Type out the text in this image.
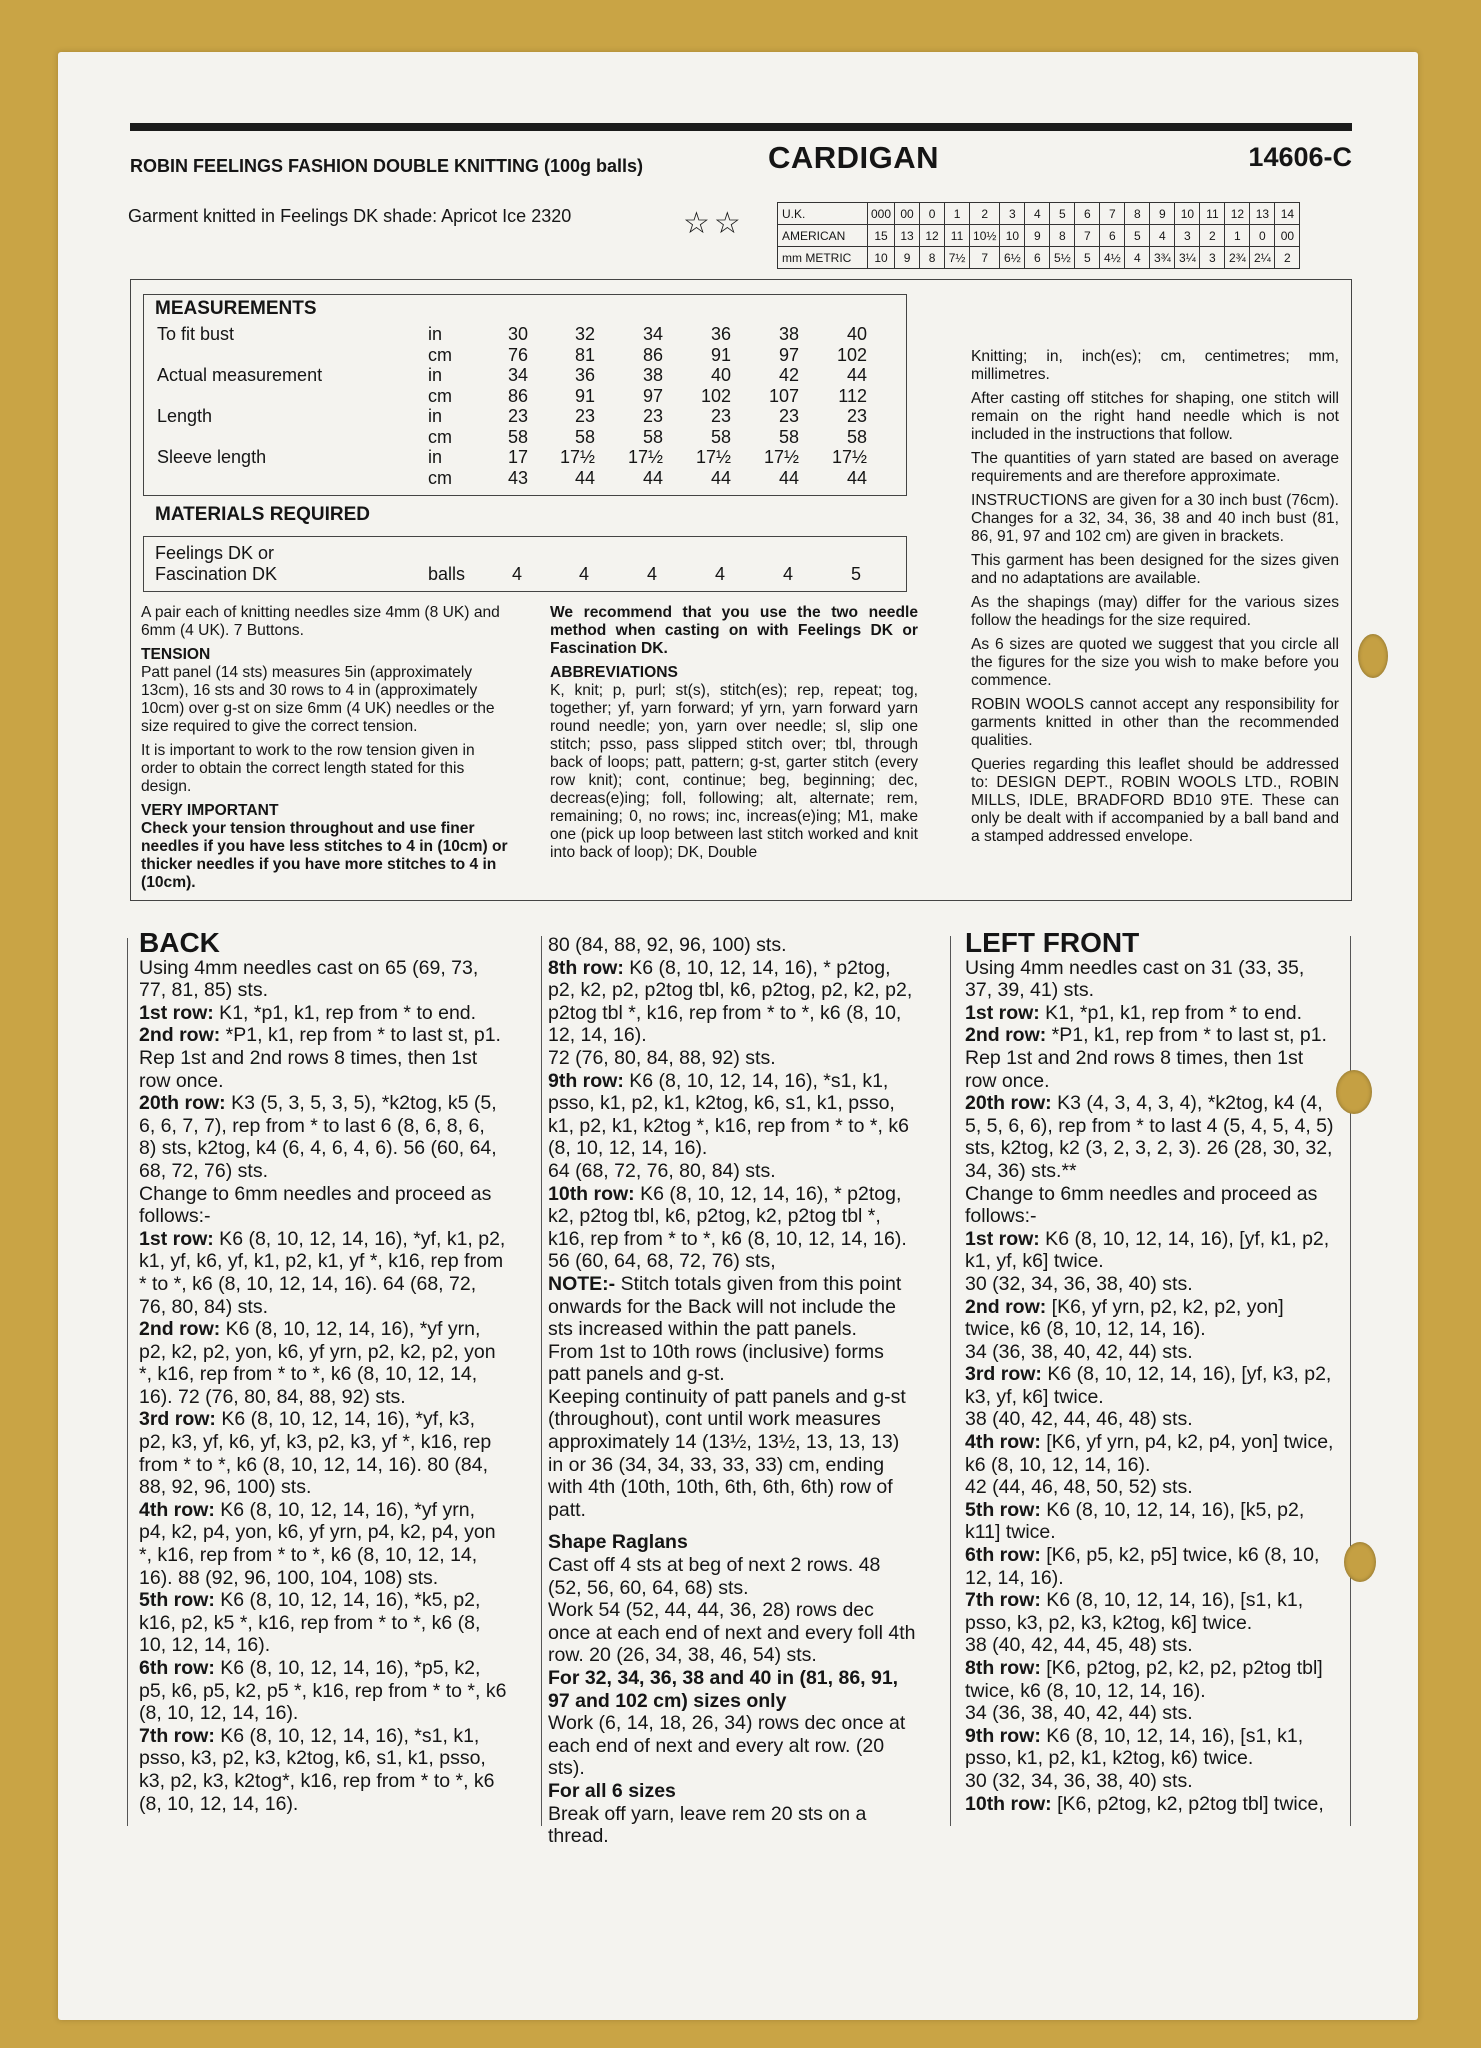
ROBIN FEELINGS FASHION DOUBLE KNITTING (100g balls)	CARDIGAN	14606-C
Garment knitted in Feelings DK shade: Apricot Ice 2320	☆☆	U.K.	000	00	0	1	2	3	4	5	6	7	8	9	10	11	12	13	14
AMERICAN	15	13	12	11	10½	10	9	8	7	6	5	4	3	2	1	0	00
mm METRIC	10	9	8	7½	7	6½	6	5½	5	4½	4	3¾	3¼	3	2¾	2¼	2
MEASUREMENTS
To fit bust	in	30	32	34	36	38	40
cm	76	81	86	91	97	102
Actual measurement	in	34	36	38	40	42	44
cm	86	91	97	102	107	112
Length	in	23	23	23	23	23	23
cm	58	58	58	58	58	58
Sleeve length	in	17	17½	17½	17½	17½	17½
cm	43	44	44	44	44	44
MATERIALS REQUIRED
Feelings DK or
Fascination DK	balls	4	4	4	4	4	5

A pair each of knitting needles size 4mm (8 UK) and 6mm (4 UK). 7 Buttons.

TENSION

Patt panel (14 sts) measures 5in (approximately 13cm), 16 sts and 30 rows to 4 in (approximately 10cm) over g-st on size 6mm (4 UK) needles or the size required to give the correct tension.

It is important to work to the row tension given in order to obtain the correct length stated for this design.

VERY IMPORTANT

Check your tension throughout and use finer needles if you have less stitches to 4 in (10cm) or thicker needles if you have more stitches to 4 in (10cm).

We recommend that you use the two needle method when casting on with Feelings DK or Fascination DK.

ABBREVIATIONS

K, knit; p, purl; st(s), stitch(es); rep, repeat; tog, together; yf, yarn forward; yf yrn, yarn forward yarn round needle; yon, yarn over needle; sl, slip one stitch; psso, pass slipped stitch over; tbl, through back of loops; patt, pattern; g-st, garter stitch (every row knit); cont, continue; beg, beginning; dec, decreas(e)ing; foll, following; alt, alternate; rem, remaining; 0, no rows; inc, increas(e)ing; M1, make one (pick up loop between last stitch worked and knit into back of loop); DK, Double

Knitting; in, inch(es); cm, centimetres; mm, millimetres.

After casting off stitches for shaping, one stitch will remain on the right hand needle which is not included in the instructions that follow.

The quantities of yarn stated are based on average requirements and are therefore approximate.

INSTRUCTIONS are given for a 30 inch bust (76cm). Changes for a 32, 34, 36, 38 and 40 inch bust (81, 86, 91, 97 and 102 cm) are given in brackets.

This garment has been designed for the sizes given and no adaptations are available.

As the shapings (may) differ for the various sizes follow the headings for the size required.

As 6 sizes are quoted we suggest that you circle all the figures for the size you wish to make before you commence.

ROBIN WOOLS cannot accept any responsibility for garments knitted in other than the recommended qualities.

Queries regarding this leaflet should be addressed to: DESIGN DEPT., ROBIN WOOLS LTD., ROBIN MILLS, IDLE, BRADFORD BD10 9TE. These can only be dealt with if accompanied by a ball band and a stamped addressed envelope.

BACK

Using 4mm needles cast on 65 (69, 73, 77, 81, 85) sts.

1st row: K1, *p1, k1, rep from * to end.

2nd row: *P1, k1, rep from * to last st, p1.

Rep 1st and 2nd rows 8 times, then 1st row once.

20th row: K3 (5, 3, 5, 3, 5), *k2tog, k5 (5, 6, 6, 7, 7), rep from * to last 6 (8, 6, 8, 6, 8) sts, k2tog, k4 (6, 4, 6, 4, 6). 56 (60, 64, 68, 72, 76) sts.

Change to 6mm needles and proceed as follows:-

1st row: K6 (8, 10, 12, 14, 16), *yf, k1, p2, k1, yf, k6, yf, k1, p2, k1, yf *, k16, rep from * to *, k6 (8, 10, 12, 14, 16). 64 (68, 72, 76, 80, 84) sts.

2nd row: K6 (8, 10, 12, 14, 16), *yf yrn, p2, k2, p2, yon, k6, yf yrn, p2, k2, p2, yon *, k16, rep from * to *, k6 (8, 10, 12, 14, 16). 72 (76, 80, 84, 88, 92) sts.

3rd row: K6 (8, 10, 12, 14, 16), *yf, k3, p2, k3, yf, k6, yf, k3, p2, k3, yf *, k16, rep from * to *, k6 (8, 10, 12, 14, 16). 80 (84, 88, 92, 96, 100) sts.

4th row: K6 (8, 10, 12, 14, 16), *yf yrn, p4, k2, p4, yon, k6, yf yrn, p4, k2, p4, yon *, k16, rep from * to *, k6 (8, 10, 12, 14, 16). 88 (92, 96, 100, 104, 108) sts.

5th row: K6 (8, 10, 12, 14, 16), *k5, p2, k16, p2, k5 *, k16, rep from * to *, k6 (8, 10, 12, 14, 16).

6th row: K6 (8, 10, 12, 14, 16), *p5, k2, p5, k6, p5, k2, p5 *, k16, rep from * to *, k6 (8, 10, 12, 14, 16).

7th row: K6 (8, 10, 12, 14, 16), *s1, k1, psso, k3, p2, k3, k2tog, k6, s1, k1, psso, k3, p2, k3, k2tog*, k16, rep from * to *, k6 (8, 10, 12, 14, 16).

80 (84, 88, 92, 96, 100) sts.

8th row: K6 (8, 10, 12, 14, 16), * p2tog, p2, k2, p2, p2tog tbl, k6, p2tog, p2, k2, p2, p2tog tbl *, k16, rep from * to *, k6 (8, 10, 12, 14, 16).

72 (76, 80, 84, 88, 92) sts.

9th row: K6 (8, 10, 12, 14, 16), *s1, k1, psso, k1, p2, k1, k2tog, k6, s1, k1, psso, k1, p2, k1, k2tog *, k16, rep from * to *, k6 (8, 10, 12, 14, 16).

64 (68, 72, 76, 80, 84) sts.

10th row: K6 (8, 10, 12, 14, 16), * p2tog, k2, p2tog tbl, k6, p2tog, k2, p2tog tbl *, k16, rep from * to *, k6 (8, 10, 12, 14, 16). 56 (60, 64, 68, 72, 76) sts,

NOTE:- Stitch totals given from this point onwards for the Back will not include the sts increased within the patt panels.

From 1st to 10th rows (inclusive) forms patt panels and g-st.

Keeping continuity of patt panels and g-st (throughout), cont until work measures approximately 14 (13½, 13½, 13, 13, 13) in or 36 (34, 34, 33, 33, 33) cm, ending with 4th (10th, 10th, 6th, 6th, 6th) row of patt.

Shape Raglans

Cast off 4 sts at beg of next 2 rows. 48 (52, 56, 60, 64, 68) sts.

Work 54 (52, 44, 44, 36, 28) rows dec once at each end of next and every foll 4th row. 20 (26, 34, 38, 46, 54) sts.

For 32, 34, 36, 38 and 40 in (81, 86, 91, 97 and 102 cm) sizes only

Work (6, 14, 18, 26, 34) rows dec once at each end of next and every alt row. (20 sts).

For all 6 sizes

Break off yarn, leave rem 20 sts on a thread.

LEFT FRONT

Using 4mm needles cast on 31 (33, 35, 37, 39, 41) sts.

1st row: K1, *p1, k1, rep from * to end.

2nd row: *P1, k1, rep from * to last st, p1.

Rep 1st and 2nd rows 8 times, then 1st row once.

20th row: K3 (4, 3, 4, 3, 4), *k2tog, k4 (4, 5, 5, 6, 6), rep from * to last 4 (5, 4, 5, 4, 5) sts, k2tog, k2 (3, 2, 3, 2, 3). 26 (28, 30, 32, 34, 36) sts.**

Change to 6mm needles and proceed as follows:-

1st row: K6 (8, 10, 12, 14, 16), [yf, k1, p2, k1, yf, k6] twice.

30 (32, 34, 36, 38, 40) sts.

2nd row: [K6, yf yrn, p2, k2, p2, yon] twice, k6 (8, 10, 12, 14, 16).

34 (36, 38, 40, 42, 44) sts.

3rd row: K6 (8, 10, 12, 14, 16), [yf, k3, p2, k3, yf, k6] twice.

38 (40, 42, 44, 46, 48) sts.

4th row: [K6, yf yrn, p4, k2, p4, yon] twice, k6 (8, 10, 12, 14, 16).

42 (44, 46, 48, 50, 52) sts.

5th row: K6 (8, 10, 12, 14, 16), [k5, p2, k11] twice.

6th row: [K6, p5, k2, p5] twice, k6 (8, 10, 12, 14, 16).

7th row: K6 (8, 10, 12, 14, 16), [s1, k1, psso, k3, p2, k3, k2tog, k6] twice.

38 (40, 42, 44, 45, 48) sts.

8th row: [K6, p2tog, p2, k2, p2, p2tog tbl] twice, k6 (8, 10, 12, 14, 16).

34 (36, 38, 40, 42, 44) sts.

9th row: K6 (8, 10, 12, 14, 16), [s1, k1, psso, k1, p2, k1, k2tog, k6) twice.

30 (32, 34, 36, 38, 40) sts.

10th row: [K6, p2tog, k2, p2tog tbl] twice,
